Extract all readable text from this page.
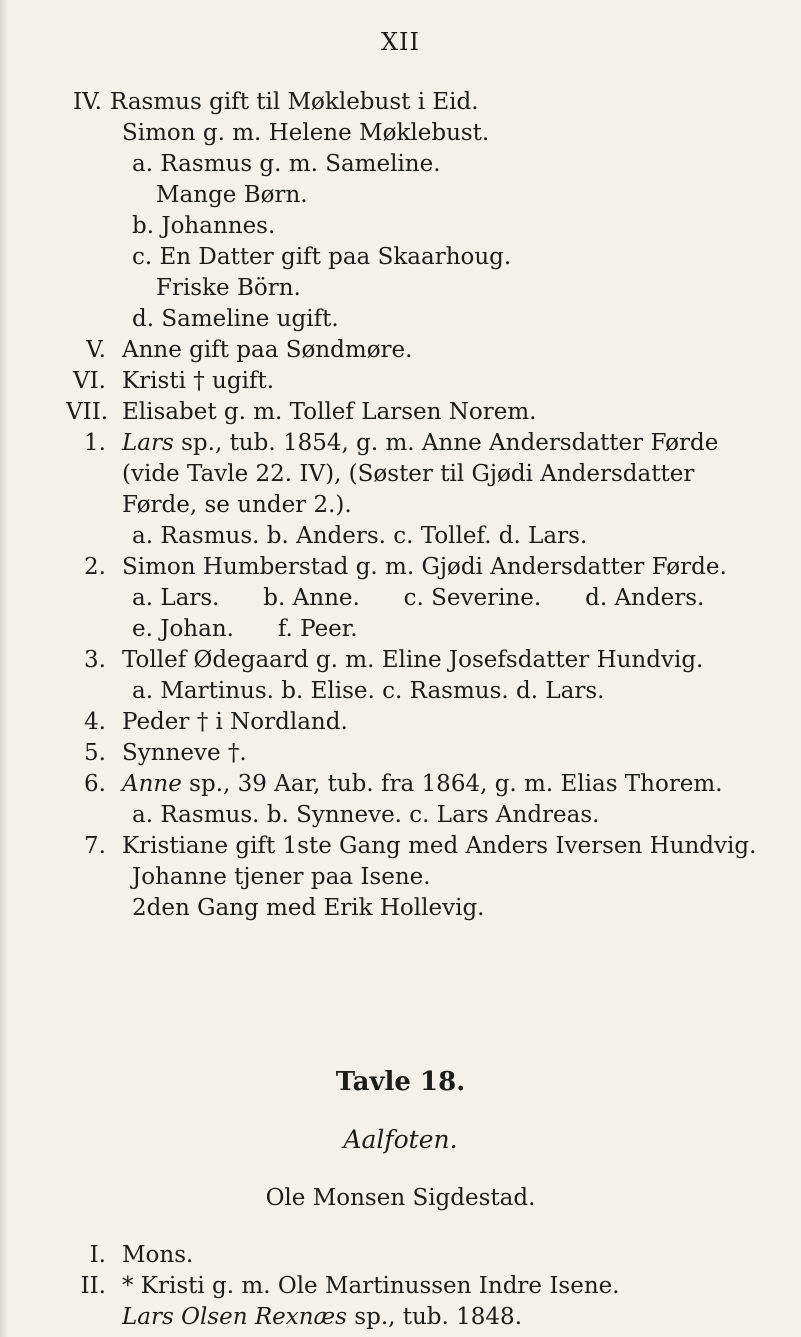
XII
IV. Rasmus gift til Møklebust i Eid.
Simon g. m. Helene Møklebust.
a. Rasmus g. m. Sameline.
Mange Børn.
b. Johannes.
c. En Datter gift paa Skaarhoug.
Friske Börn.
d. Sameline ugift.
V. Anne gift paa Søndmøre.
VI. Kristi † ugift.
VII. Elisabet g. m. Tollef Larsen Norem.
1. Lars sp., tub. 1854, g. m. Anne Andersdatter Førde
(vide Tavle 22. IV), (Søster til Gjødi Andersdatter
Førde, se under 2.).
a. Rasmus. b. Anders. c. Tollef. d. Lars.
2. Simon Humberstad g. m. Gjødi Andersdatter Førde.
a. Lars.      b. Anne.      c. Severine.      d. Anders.
e. Johan.      f. Peer.
3. Tollef Ødegaard g. m. Eline Josefsdatter Hundvig.
a. Martinus. b. Elise. c. Rasmus. d. Lars.
4. Peder † i Nordland.
5. Synneve †.
6. Anne sp., 39 Aar, tub. fra 1864, g. m. Elias Thorem.
a. Rasmus. b. Synneve. c. Lars Andreas.
7. Kristiane gift 1ste Gang med Anders Iversen Hundvig.
Johanne tjener paa Isene.
2den Gang med Erik Hollevig.
Tavle 18.
Aalfoten.
Ole Monsen Sigdestad.
I. Mons.
II. * Kristi g. m. Ole Martinussen Indre Isene.
Lars Olsen Rexnæs sp., tub. 1848.
